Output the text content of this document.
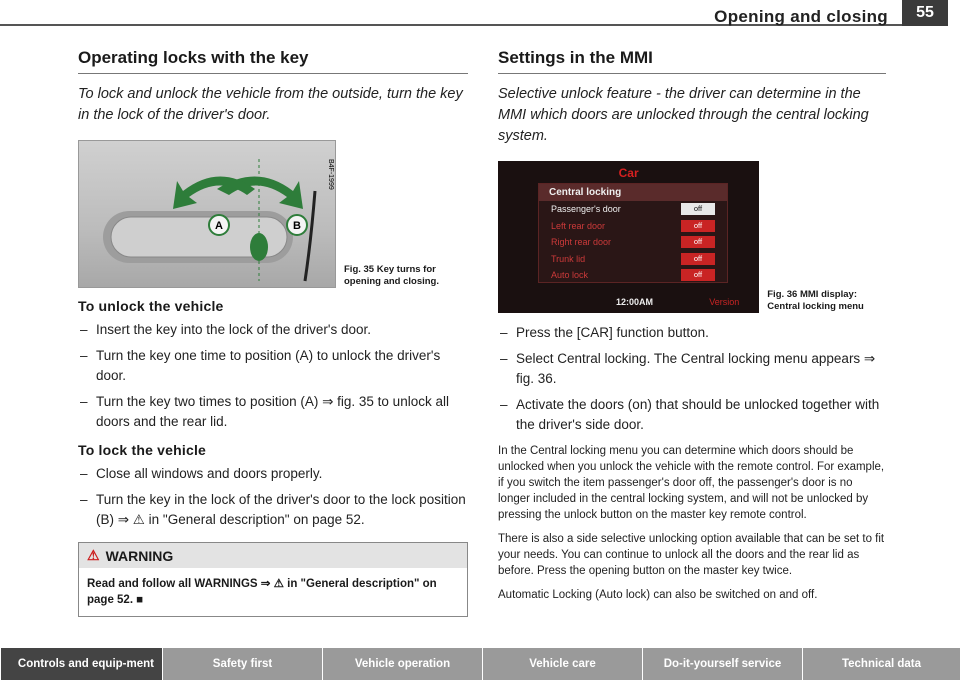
Opening and closing	55
Operating locks with the key

To lock and unlock the vehicle from the outside, turn the key in the lock of the driver's door.

A	B
B4F-1999
Fig. 35 Key turns for opening and closing.
To unlock the vehicle
– Insert the key into the lock of the driver's door.
– Turn the key one time to position (A) to unlock the driver's door.
– Turn the key two times to position (A) ⇒ fig. 35 to unlock all doors and the rear lid.
To lock the vehicle
– Close all windows and doors properly.
– Turn the key in the lock of the driver's door to the lock position (B) ⇒ ⚠ in "General description" on page 52.
⚠ WARNING
Read and follow all WARNINGS ⇒ ⚠ in "General description" on page 52. ■
Settings in the MMI

Selective unlock feature - the driver can determine in the MMI which doors are unlocked through the central locking system.

Car
Central locking
Passenger's door	off
Left rear door	off
Right rear door	off
Trunk lid	off
Auto lock	off
12:00AM	Version
Fig. 36 MMI display: Central locking menu
– Press the [CAR] function button.
– Select Central locking. The Central locking menu appears ⇒ fig. 36.
– Activate the doors (on) that should be unlocked together with the driver's side door.

In the Central locking menu you can determine which doors should be unlocked when you unlock the vehicle with the remote control. For example, if you switch the item passenger's door off, the passenger's door is no longer included in the central locking system, and will not be unlocked by pressing the unlock button on the master key remote control.

There is also a side selective unlocking option available that can be set to fit your needs. You can continue to unlock all the doors and the rear lid as before. Press the opening button on the master key twice.

Automatic Locking (Auto lock) can also be switched on and off.

Controls and equip-ment	Safety first	Vehicle operation	Vehicle care	Do-it-yourself service	Technical data
